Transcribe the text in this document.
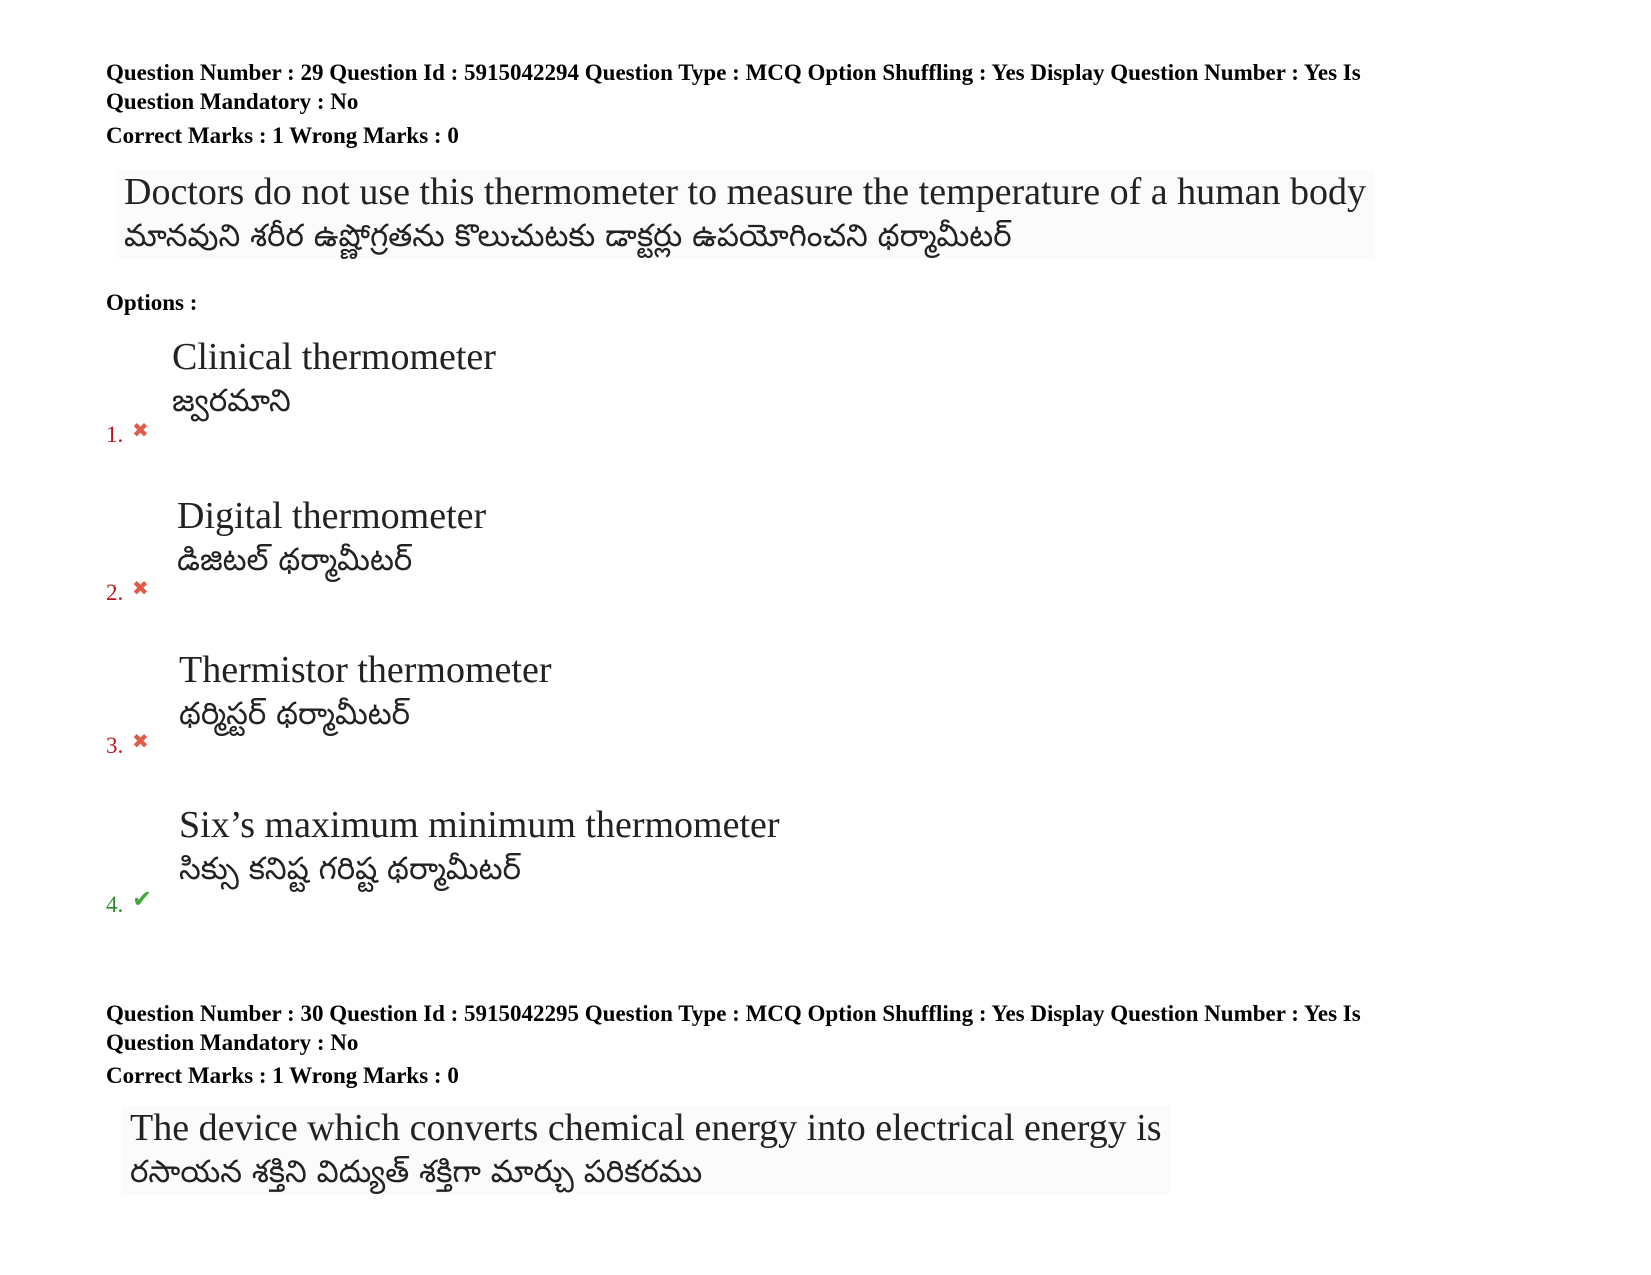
Question Number : 29 Question Id : 5915042294 Question Type : MCQ Option Shuffling : Yes Display Question Number : Yes Is
Question Mandatory : No
Correct Marks : 1 Wrong Marks : 0
Doctors do not use this thermometer to measure the temperature of a human body
మానవుని శరీర ఉష్ణోగ్రతను కొలుచుటకు డాక్టర్లు ఉపయోగించని థర్మామీటర్
Options :
Clinical thermometer
జ్వరమాని
1. ✖
Digital thermometer
డిజిటల్ థర్మామీటర్
2. ✖
Thermistor thermometer
థర్మిస్టర్ థర్మామీటర్
3. ✖
Six’s maximum minimum thermometer
సిక్సు కనిష్ట గరిష్ట థర్మామీటర్
4. ✔
Question Number : 30 Question Id : 5915042295 Question Type : MCQ Option Shuffling : Yes Display Question Number : Yes Is
Question Mandatory : No
Correct Marks : 1 Wrong Marks : 0
The device which converts chemical energy into electrical energy is
రసాయన శక్తిని విద్యుత్ శక్తిగా మార్చు పరికరము
